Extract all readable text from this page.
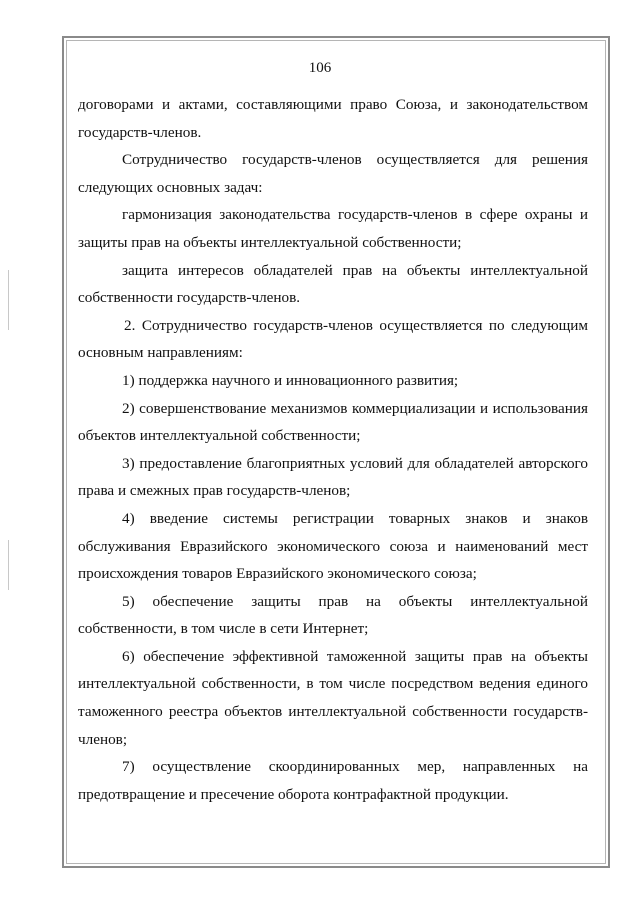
106

договорами и актами, составляющими право Союза, и законодательством государств-членов.

Сотрудничество государств-членов осуществляется для решения следующих основных задач:

гармонизация законодательства государств-членов в сфере охраны и защиты прав на объекты интеллектуальной собственности;

защита интересов обладателей прав на объекты интеллектуальной собственности государств-членов.

2. Сотрудничество государств-членов осуществляется по следующим основным направлениям:

1) поддержка научного и инновационного развития;

2) совершенствование механизмов коммерциализации и использования объектов интеллектуальной собственности;

3) предоставление благоприятных условий для обладателей авторского права и смежных прав государств-членов;

4) введение системы регистрации товарных знаков и знаков обслуживания Евразийского экономического союза и наименований мест происхождения товаров Евразийского экономического союза;

5) обеспечение защиты прав на объекты интеллектуальной собственности, в том числе в сети Интернет;

6) обеспечение эффективной таможенной защиты прав на объекты интеллектуальной собственности, в том числе посредством ведения единого таможенного реестра объектов интеллектуальной собственности государств-членов;

7) осуществление скоординированных мер, направленных на предотвращение и пресечение оборота контрафактной продукции.
